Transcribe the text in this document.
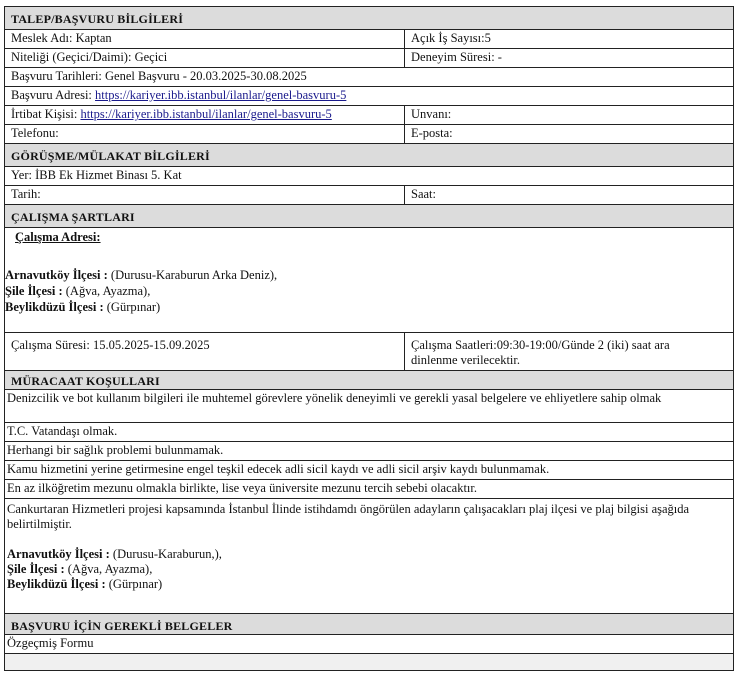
TALEP/BAŞVURU BİLGİLERİ
Meslek Adı: Kaptan	Açık İş Sayısı:5
Niteliği (Geçici/Daimi): Geçici	Deneyim Süresi: -
Başvuru Tarihleri: Genel Başvuru - 20.03.2025-30.08.2025
Başvuru Adresi: https://kariyer.ibb.istanbul/ilanlar/genel-basvuru-5
İrtibat Kişisi: https://kariyer.ibb.istanbul/ilanlar/genel-basvuru-5	Unvanı:
Telefonu:	E-posta:
GÖRÜŞME/MÜLAKAT BİLGİLERİ
Yer: İBB Ek Hizmet Binası 5. Kat
Tarih:	Saat:
ÇALIŞMA ŞARTLARI
Çalışma Adresi:
Arnavutköy İlçesi : (Durusu-Karaburun Arka Deniz),
Şile İlçesi : (Ağva, Ayazma),
Beylikdüzü İlçesi : (Gürpınar)
Çalışma Süresi: 15.05.2025-15.09.2025	Çalışma Saatleri:09:30-19:00/Günde 2 (iki) saat ara
dinlenme verilecektir.
MÜRACAAT KOŞULLARI
Denizcilik ve bot kullanım bilgileri ile muhtemel görevlere yönelik deneyimli ve gerekli yasal belgelere ve ehliyetlere sahip olmak
T.C. Vatandaşı olmak.
Herhangi bir sağlık problemi bulunmamak.
Kamu hizmetini yerine getirmesine engel teşkil edecek adli sicil kaydı ve adli sicil arşiv kaydı bulunmamak.
En az ilköğretim mezunu olmakla birlikte, lise veya üniversite mezunu tercih sebebi olacaktır.
Cankurtaran Hizmetleri projesi kapsamında İstanbul İlinde istihdamdı öngörülen adayların çalışacakları plaj ilçesi ve plaj bilgisi aşağıda belirtilmiştir.
Arnavutköy İlçesi : (Durusu-Karaburun,),
Şile İlçesi : (Ağva, Ayazma),
Beylikdüzü İlçesi : (Gürpınar)
BAŞVURU İÇİN GEREKLİ BELGELER
Özgeçmiş Formu
